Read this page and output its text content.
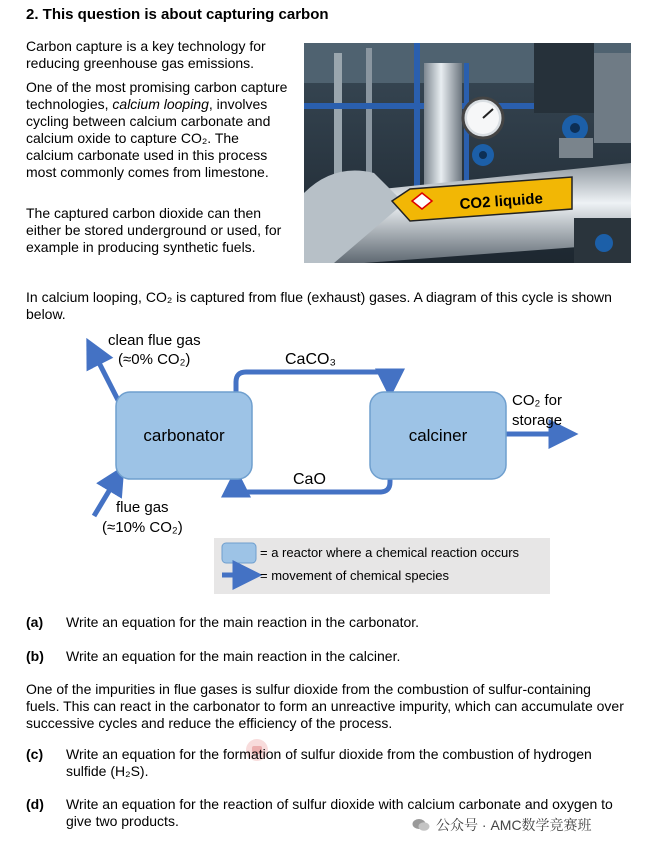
2. This question is about capturing carbon
Carbon capture is a key technology for reducing greenhouse gas emissions.
One of the most promising carbon capture technologies, calcium looping, involves cycling between calcium carbonate and calcium oxide to capture CO₂. The calcium carbonate used in this process most commonly comes from limestone.
The captured carbon dioxide can then either be stored underground or used, for example in producing synthetic fuels.
CO2 liquide
In calcium looping, CO₂ is captured from flue (exhaust) gases. A diagram of this cycle is shown below.
carbonator	calciner
clean flue gas
(≈0% CO₂)	CaCO₃
CaO
CO₂ for
storage
flue gas
(≈10% CO₂)
= a reactor where a chemical reaction occurs
= movement of chemical species
(a) Write an equation for the main reaction in the carbonator.
(b) Write an equation for the main reaction in the calciner.
One of the impurities in flue gases is sulfur dioxide from the combustion of sulfur-containing fuels. This can react in the carbonator to form an unreactive impurity, which can accumulate over successive cycles and reduce the efficiency of the process.
(c) Write an equation for the formation of sulfur dioxide from the combustion of hydrogen sulfide (H₂S).
(d) Write an equation for the reaction of sulfur dioxide with calcium carbonate and oxygen to give two products.	公众号 · AMC数学竞赛班
